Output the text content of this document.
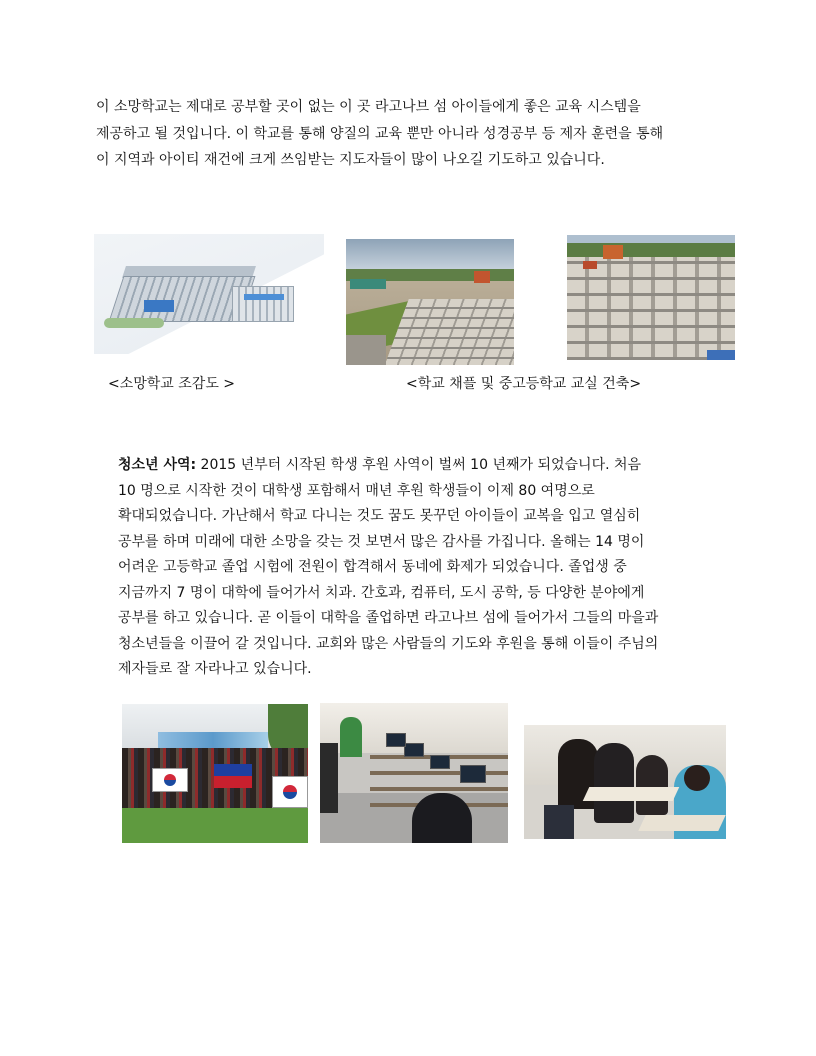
이 소망학교는 제대로 공부할 곳이 없는 이 곳 라고나브 섬 아이들에게 좋은 교육 시스템을
제공하고 될 것입니다. 이 학교를 통해 양질의 교육 뿐만 아니라 성경공부 등 제자 훈련을 통해
이 지역과 아이티 재건에 크게 쓰임받는 지도자들이 많이 나오길 기도하고 있습니다.

<소망학교 조감도 >	<학교 채플 및 중고등학교 교실 건축>

청소년 사역: 2015 년부터 시작된 학생 후원 사역이 벌써 10 년째가 되었습니다. 처음
10 명으로 시작한 것이 대학생 포함해서 매년 후원 학생들이 이제 80 여명으로
확대되었습니다. 가난해서 학교 다니는 것도 꿈도 못꾸던 아이들이 교복을 입고 열심히
공부를 하며 미래에 대한 소망을 갖는 것 보면서 많은 감사를 가집니다. 올해는 14 명이
어려운 고등학교 졸업 시험에 전원이 합격해서 동네에 화제가 되었습니다. 졸업생 중
지금까지 7 명이 대학에 들어가서 치과. 간호과, 컴퓨터, 도시 공학, 등 다양한 분야에게
공부를 하고 있습니다. 곧 이들이 대학을 졸업하면 라고나브 섬에 들어가서 그들의 마을과
청소년들을 이끌어 갈 것입니다. 교회와 많은 사람들의 기도와 후원을 통해 이들이 주님의
제자들로 잘 자라나고 있습니다.
